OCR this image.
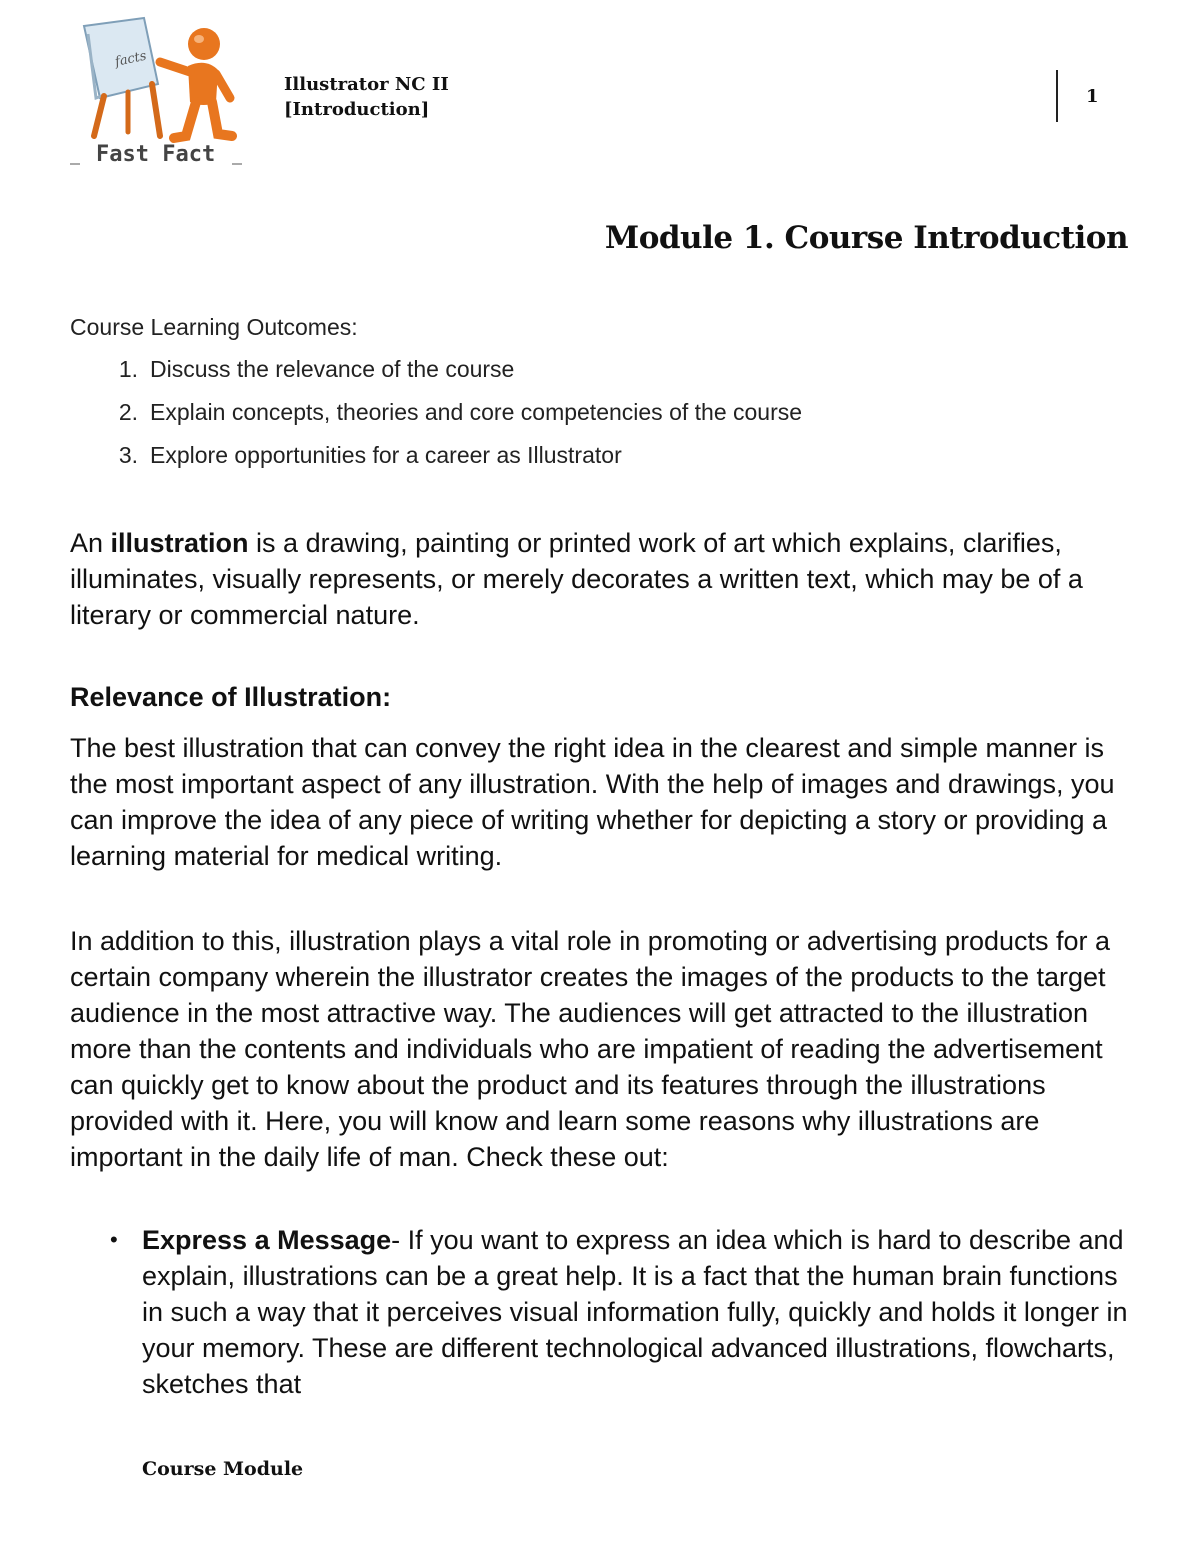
facts
Fast Fact
Illustrator NC II
[Introduction]
1
Module 1. Course Introduction
Course Learning Outcomes:
1. Discuss the relevance of the course
2. Explain concepts, theories and core competencies of the course
3. Explore opportunities for a career as Illustrator

An illustration is a drawing, painting or printed work of art which explains, clarifies, illuminates, visually represents, or merely decorates a written text, which may be of a literary or commercial nature.

Relevance of Illustration:

The best illustration that can convey the right idea in the clearest and simple manner is the most important aspect of any illustration. With the help of images and drawings, you can improve the idea of any piece of writing whether for depicting a story or providing a learning material for medical writing.

In addition to this, illustration plays a vital role in promoting or advertising products for a certain company wherein the illustrator creates the images of the products to the target audience in the most attractive way. The audiences will get attracted to the illustration more than the contents and individuals who are impatient of reading the advertisement can quickly get to know about the product and its features through the illustrations provided with it. Here, you will know and learn some reasons why illustrations are important in the daily life of man. Check these out:

• Express a Message- If you want to express an idea which is hard to describe and explain, illustrations can be a great help. It is a fact that the human brain functions in such a way that it perceives visual information fully, quickly and holds it longer in your memory. These are different technological advanced illustrations, flowcharts, sketches that
Course Module
